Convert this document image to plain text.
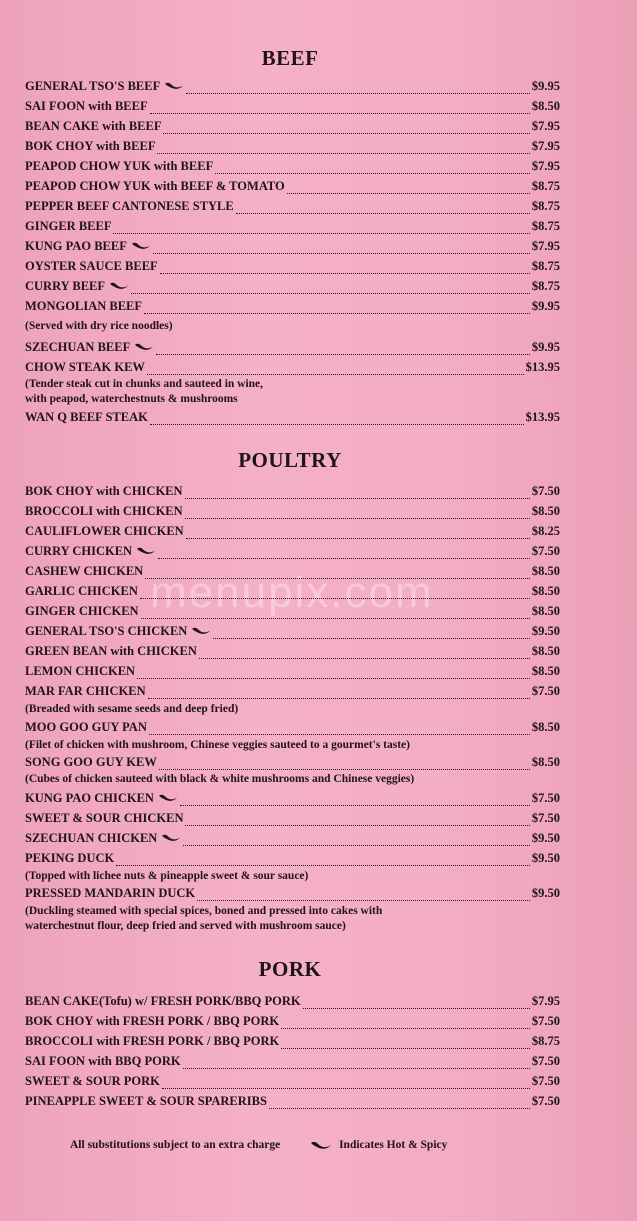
menupix.com
BEEF
GENERAL TSO'S BEEF	$9.95
SAI FOON with BEEF	$8.50
BEAN CAKE with BEEF	$7.95
BOK CHOY with BEEF	$7.95
PEAPOD CHOW YUK with BEEF	$7.95
PEAPOD CHOW YUK with BEEF & TOMATO	$8.75
PEPPER BEEF CANTONESE STYLE	$8.75
GINGER BEEF	$8.75
KUNG PAO BEEF	$7.95
OYSTER SAUCE BEEF	$8.75
CURRY BEEF	$8.75
MONGOLIAN BEEF	$9.95
(Served with dry rice noodles)
SZECHUAN BEEF	$9.95
CHOW STEAK KEW	$13.95
(Tender steak cut in chunks and sauteed in wine,
with peapod, waterchestnuts & mushrooms
WAN Q BEEF STEAK	$13.95
POULTRY
BOK CHOY with CHICKEN	$7.50
BROCCOLI with CHICKEN	$8.50
CAULIFLOWER CHICKEN	$8.25
CURRY CHICKEN	$7.50
CASHEW CHICKEN	$8.50
GARLIC CHICKEN	$8.50
GINGER CHICKEN	$8.50
GENERAL TSO'S CHICKEN	$9.50
GREEN BEAN with CHICKEN	$8.50
LEMON CHICKEN	$8.50
MAR FAR CHICKEN	$7.50
(Breaded with sesame seeds and deep fried)
MOO GOO GUY PAN	$8.50
(Filet of chicken with mushroom, Chinese veggies sauteed to a gourmet's taste)
SONG GOO GUY KEW	$8.50
(Cubes of chicken sauteed with black & white mushrooms and Chinese veggies)
KUNG PAO CHICKEN	$7.50
SWEET & SOUR CHICKEN	$7.50
SZECHUAN CHICKEN	$9.50
PEKING DUCK	$9.50
(Topped with lichee nuts & pineapple sweet & sour sauce)
PRESSED MANDARIN DUCK	$9.50
(Duckling steamed with special spices, boned and pressed into cakes with
waterchestnut flour, deep fried and served with mushroom sauce)
PORK
BEAN CAKE(Tofu) w/ FRESH PORK/BBQ PORK	$7.95
BOK CHOY with FRESH PORK / BBQ PORK	$7.50
BROCCOLI with FRESH PORK / BBQ PORK	$8.75
SAI FOON with BBQ PORK	$7.50
SWEET & SOUR PORK	$7.50
PINEAPPLE SWEET & SOUR SPARERIBS	$7.50
All substitutions subject to an extra charge	Indicates Hot & Spicy
